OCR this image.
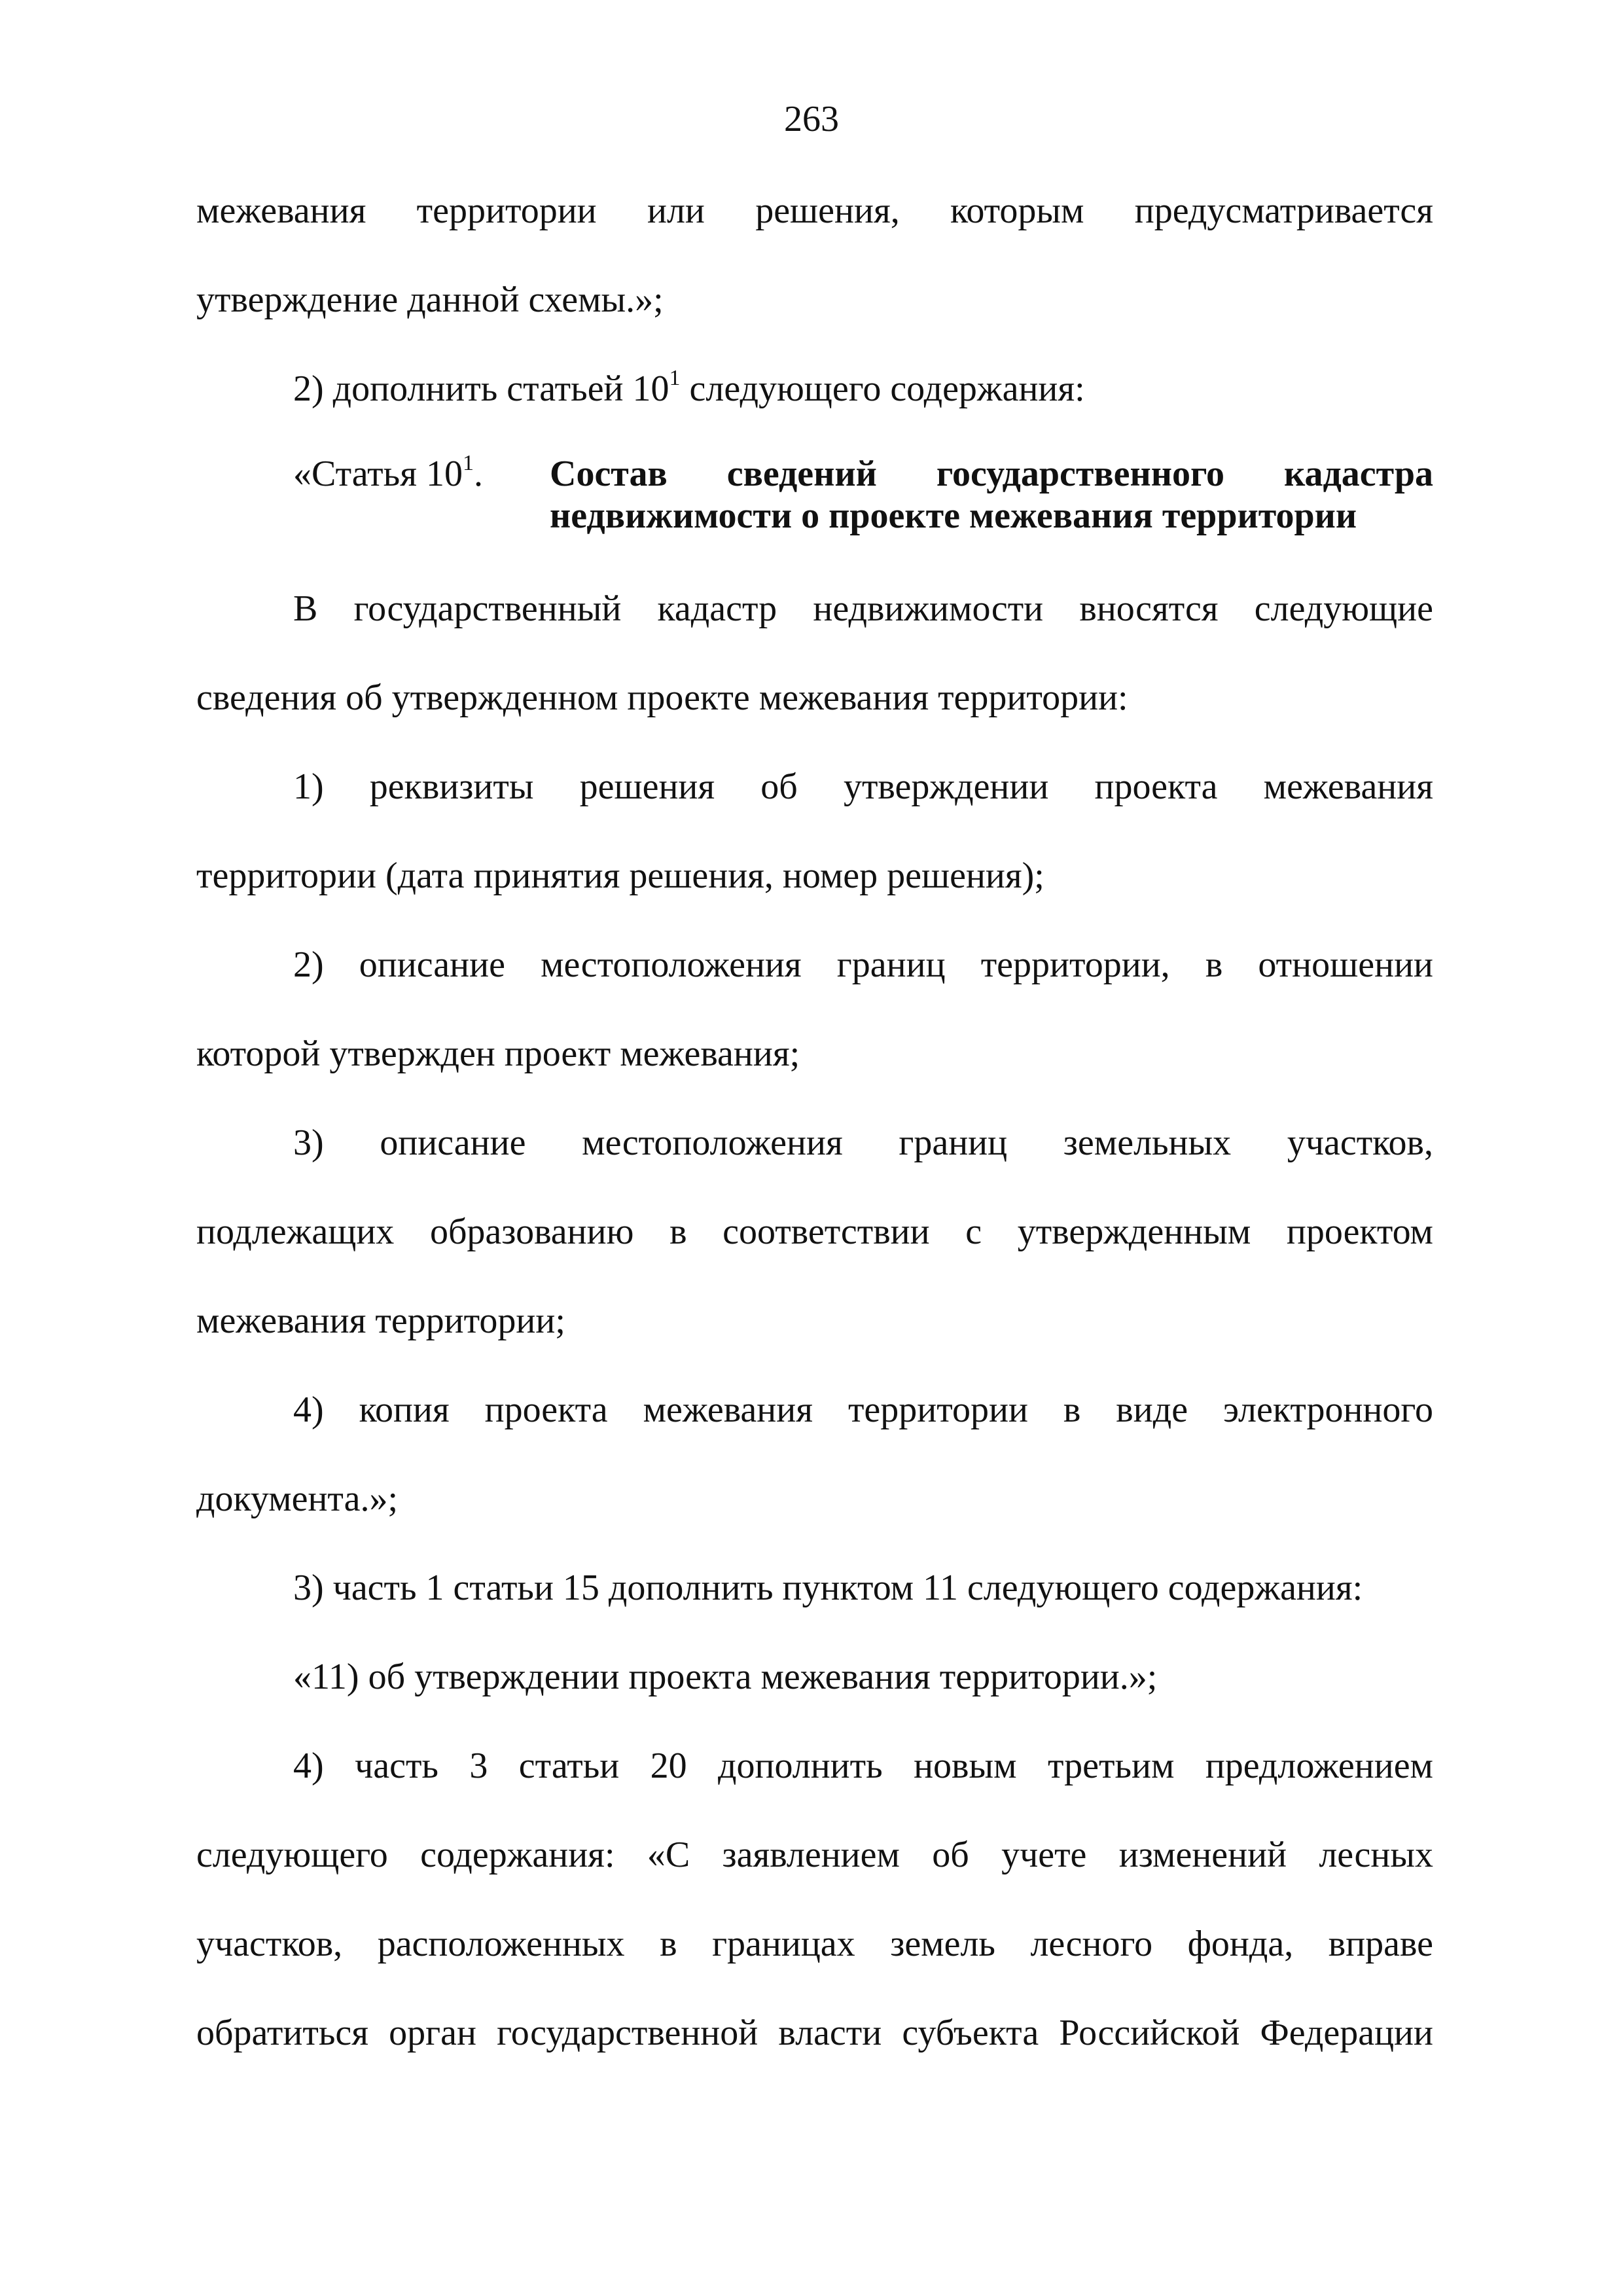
263
межевания территории или решения, которым предусматривается
утверждение данной схемы.»;
2) дополнить статьей $10^1$ следующего содержания:
«Статья $10^1$. Состав сведений государственного кадастра
недвижимости о проекте межевания территории
В государственный кадастр недвижимости вносятся следующие
сведения об утвержденном проекте межевания территории:
1) реквизиты решения об утверждении проекта межевания
территории (дата принятия решения, номер решения);
2) описание местоположения границ территории, в отношении
которой утвержден проект межевания;
3) описание местоположения границ земельных участков,
подлежащих образованию в соответствии с утвержденным проектом
межевания территории;
4) копия проекта межевания территории в виде электронного
документа.»;
3) часть 1 статьи 15 дополнить пунктом 11 следующего содержания:
«11) об утверждении проекта межевания территории.»;
4) часть 3 статьи 20 дополнить новым третьим предложением
следующего содержания: «С заявлением об учете изменений лесных
участков, расположенных в границах земель лесного фонда, вправе
обратиться орган государственной власти субъекта Российской Федерации
